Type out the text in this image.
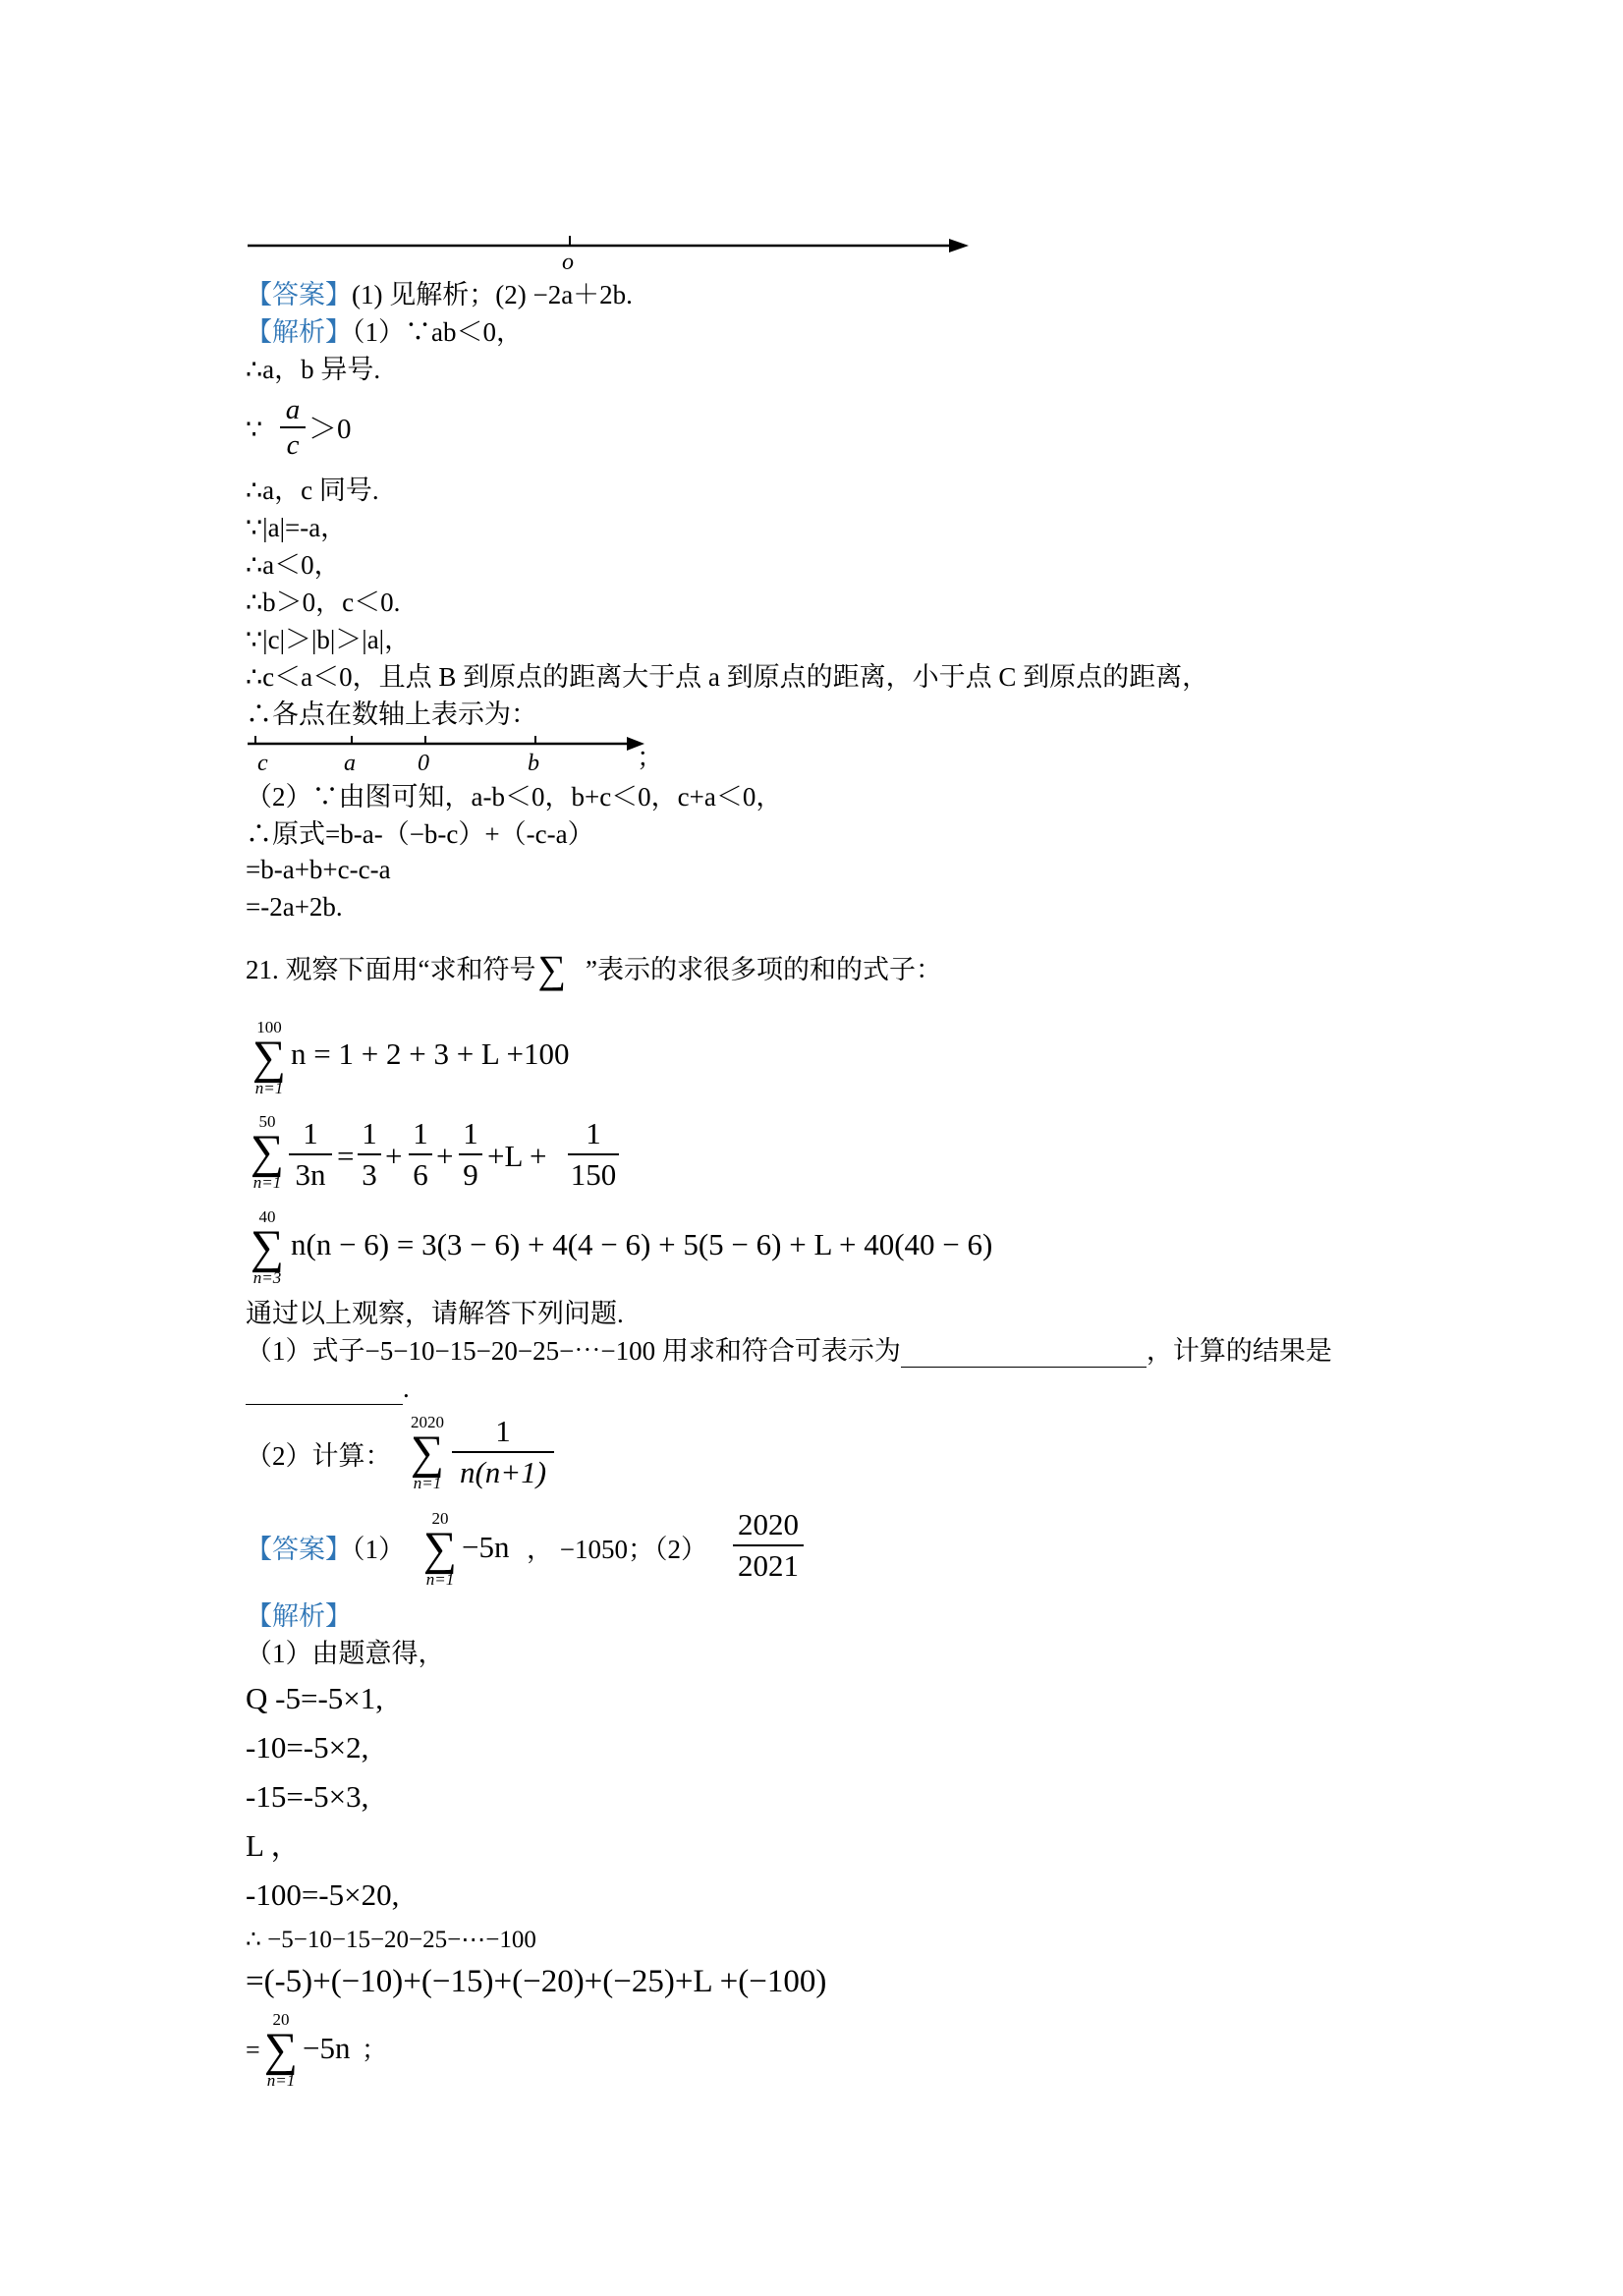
o
【答案】(1) 见解析；(2) −2a＋2b.
【解析】（1）∵ab＜0，
∴a，b 异号.
∵
a
c ＞0
∴a，c 同号.
∵|a|=-a，
∴a＜0，
∴b＞0，c＜0.
∵|c|＞|b|＞|a|，
∴c＜a＜0，且点 B 到原点的距离大于点 a 到原点的距离，小于点 C 到原点的距离，
∴各点在数轴上表示为：
c	a	0	b	；
（2）∵由图可知，a-b＜0，b+c＜0，c+a＜0，
∴原式=b-a-（−b-c）+（-c-a）
=b-a+b+c-c-a
=-2a+2b.
21. 观察下面用“求和符号∑ ”表示的求很多项的和的式子：
100
∑
n=1
n = 1 + 2 + 3 + L +100
50
∑
n=1
1
3n
=
1
3
+
1
6
+
1
9
+L +
1
150
40
∑
n=3
n(n − 6) = 3(3 − 6) + 4(4 − 6) + 5(5 − 6) + L + 40(40 − 6)
通过以上观察，请解答下列问题.
（1）式子−5−10−15−20−25−⋯−100 用求和符合可表示为	，计算的结果是
.
（2）计算：
2020
∑
n=1
1
n(n+1)
【答案】（1）
20
∑
n=1
−5n ， −1050；（2）
2020
2021
【解析】
（1）由题意得，
Q -5=-5×1,
-10=-5×2,
-15=-5×3,
L ，
-100=-5×20,
∴ −5−10−15−20−25−⋯−100
=(-5)+(−10)+(−15)+(−20)+(−25)+L +(−100)
=
20
∑
n=1
−5n ；
